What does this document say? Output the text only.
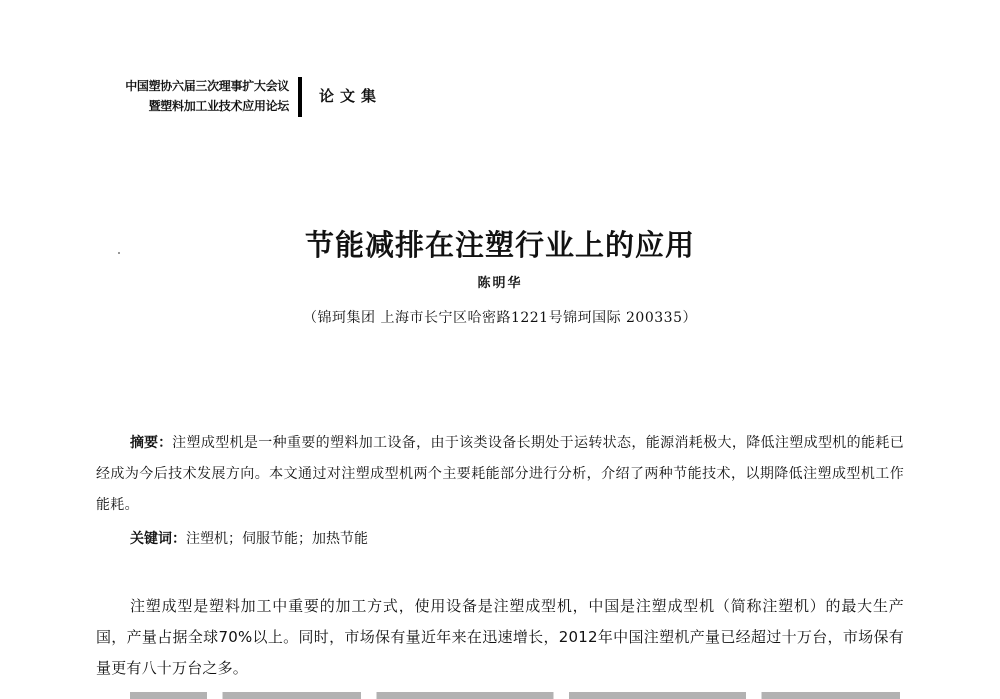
中国塑协六届三次理事扩大会议
暨塑料加工业技术应用论坛
论文集
节能减排在注塑行业上的应用
陈明华
（锦珂集团 上海市长宁区哈密路1221号锦珂国际 200335）

摘要：注塑成型机是一种重要的塑料加工设备，由于该类设备长期处于运转状态，能源消耗极大，降低注塑成型机的能耗已经成为今后技术发展方向。本文通过对注塑成型机两个主要耗能部分进行分析，介绍了两种节能技术，以期降低注塑成型机工作能耗。

关键词：注塑机；伺服节能；加热节能

注塑成型是塑料加工中重要的加工方式，使用设备是注塑成型机，中国是注塑成型机（简称注塑机）的最大生产国，产量占据全球70%以上。同时，市场保有量近年来在迅速增长，2012年中国注塑机产量已经超过十万台，市场保有量更有八十万台之多。
